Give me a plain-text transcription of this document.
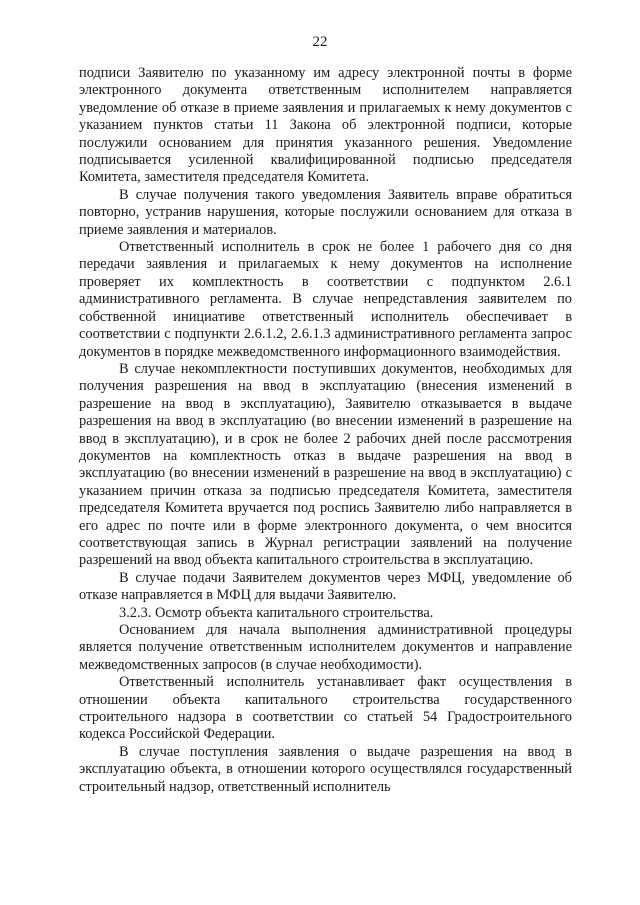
22

подписи Заявителю по указанному им адресу электронной почты в форме электронного документа ответственным исполнителем направляется уведомление об отказе в приеме заявления и прилагаемых к нему документов с указанием пунктов статьи 11 Закона об электронной подписи, которые послужили основанием для принятия указанного решения. Уведомление подписывается усиленной квалифицированной подписью председателя Комитета, заместителя председателя Комитета.

В случае получения такого уведомления Заявитель вправе обратиться повторно, устранив нарушения, которые послужили основанием для отказа в приеме заявления и материалов.

Ответственный исполнитель в срок не более 1 рабочего дня со дня передачи заявления и прилагаемых к нему документов на исполнение проверяет их комплектность в соответствии с подпунктом 2.6.1 административного регламента. В случае непредставления заявителем по собственной инициативе ответственный исполнитель обеспечивает в соответствии с подпункти 2.6.1.2, 2.6.1.3 административного регламента запрос документов в порядке межведомственного информационного взаимодействия.

В случае некомплектности поступивших документов, необходимых для получения разрешения на ввод в эксплуатацию (внесения изменений в разрешение на ввод в эксплуатацию), Заявителю отказывается в выдаче разрешения на ввод в эксплуатацию (во внесении изменений в разрешение на ввод в эксплуатацию), и в срок не более 2 рабочих дней после рассмотрения документов на комплектность отказ в выдаче разрешения на ввод в эксплуатацию (во внесении изменений в разрешение на ввод в эксплуатацию) с указанием причин отказа за подписью председателя Комитета, заместителя председателя Комитета вручается под роспись Заявителю либо направляется в его адрес по почте или в форме электронного документа, о чем вносится соответствующая запись в Журнал регистрации заявлений на получение разрешений на ввод объекта капитального строительства в эксплуатацию.

В случае подачи Заявителем документов через МФЦ, уведомление об отказе направляется в МФЦ для выдачи Заявителю.

3.2.3. Осмотр объекта капитального строительства.

Основанием для начала выполнения административной процедуры является получение ответственным исполнителем документов и направление межведомственных запросов (в случае необходимости).

Ответственный исполнитель устанавливает факт осуществления в отношении объекта капитального строительства государственного строительного надзора в соответствии со статьей 54 Градостроительного кодекса Российской Федерации.

В случае поступления заявления о выдаче разрешения на ввод в эксплуатацию объекта, в отношении которого осуществлялся государственный строительный надзор, ответственный исполнитель
